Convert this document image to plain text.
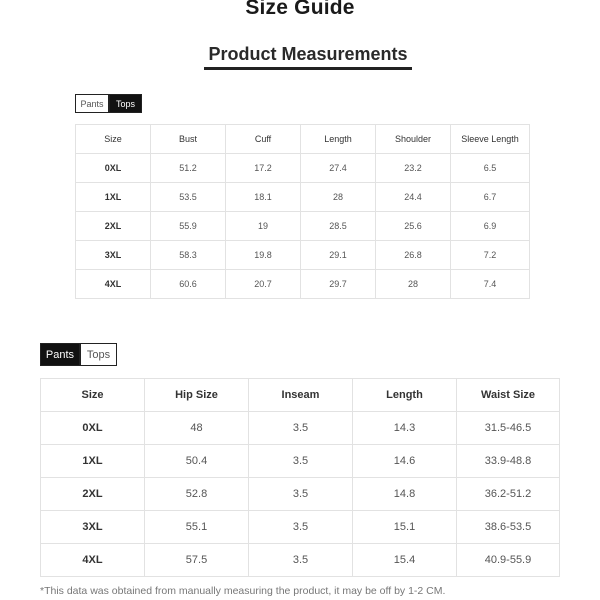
Size Guide
Product Measurements
Pants	Tops
Size	Bust	Cuff	Length	Shoulder	Sleeve Length
0XL	51.2	17.2	27.4	23.2	6.5
1XL	53.5	18.1	28	24.4	6.7
2XL	55.9	19	28.5	25.6	6.9
3XL	58.3	19.8	29.1	26.8	7.2
4XL	60.6	20.7	29.7	28	7.4
Pants	Tops
Size	Hip Size	Inseam	Length	Waist Size
0XL	48	3.5	14.3	31.5-46.5
1XL	50.4	3.5	14.6	33.9-48.8
2XL	52.8	3.5	14.8	36.2-51.2
3XL	55.1	3.5	15.1	38.6-53.5
4XL	57.5	3.5	15.4	40.9-55.9
*This data was obtained from manually measuring the product, it may be off by 1-2 CM.
